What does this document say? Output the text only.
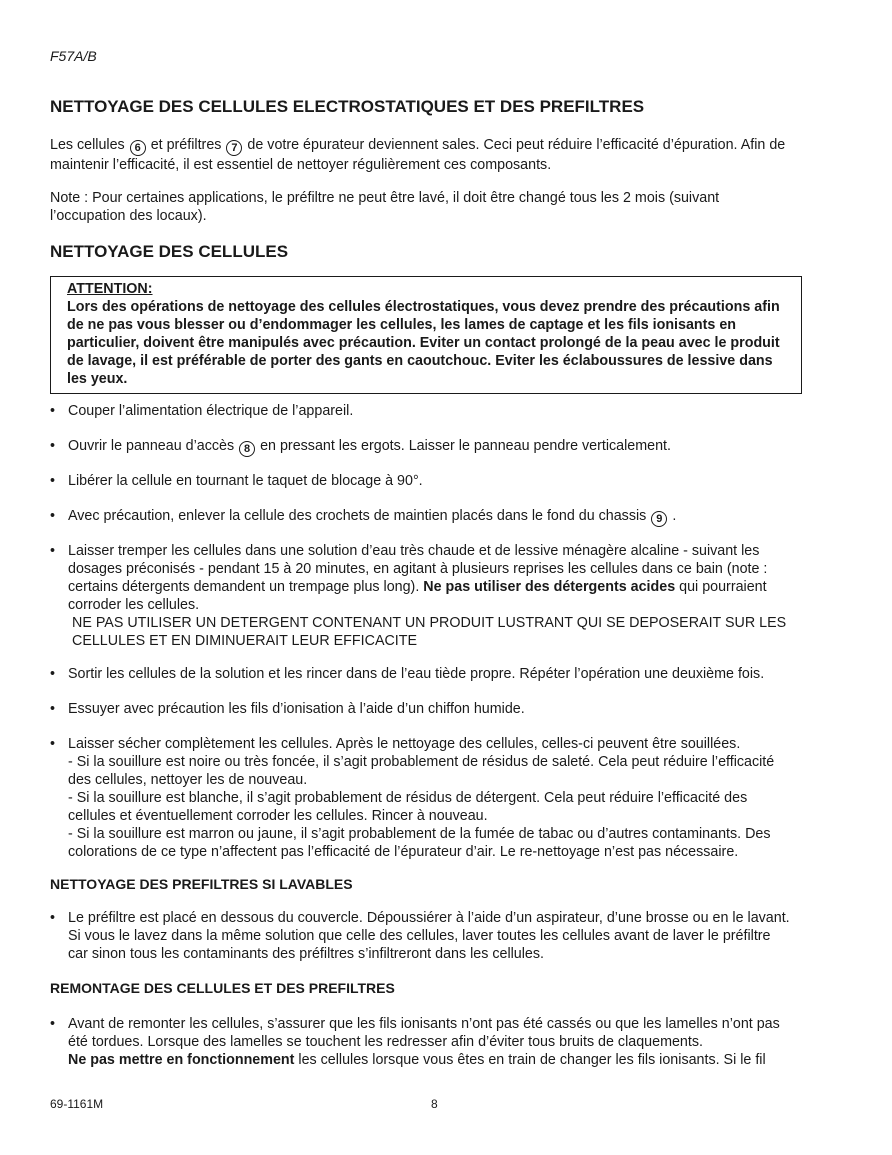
F57A/B
NETTOYAGE DES CELLULES ELECTROSTATIQUES ET DES PREFILTRES

Les cellules 6 et préfiltres 7 de votre épurateur deviennent sales. Ceci peut réduire l’efficacité d’épuration. Afin de maintenir l’efficacité, il est essentiel de nettoyer régulièrement ces composants.

Note : Pour certaines applications, le préfiltre ne peut être lavé, il doit être changé tous les 2 mois (suivant l’occupation des locaux).

NETTOYAGE DES CELLULES
ATTENTION:
Lors des opérations de nettoyage des cellules électrostatiques, vous devez prendre des précautions afin de ne pas vous blesser ou d’endommager les cellules, les lames de captage et les fils ionisants en particulier, doivent être manipulés avec précaution. Eviter un contact prolongé de la peau avec le produit de lavage, il est préférable de porter des gants en caoutchouc. Eviter les éclaboussures de lessive dans les yeux.
• Couper l’alimentation électrique de l’appareil.
• Ouvrir le panneau d’accès 8 en pressant les ergots. Laisser le panneau pendre verticalement.
• Libérer la cellule en tournant le taquet de blocage à 90°.
• Avec précaution, enlever la cellule des crochets de maintien placés dans le fond du chassis 9 .
• Laisser tremper les cellules dans une solution d’eau très chaude et de lessive ménagère alcaline - suivant les dosages préconisés - pendant 15 à 20 minutes, en agitant à plusieurs reprises les cellules dans ce bain (note : certains détergents demandent un trempage plus long). Ne pas utiliser des détergents acides qui pourraient corroder les cellules.
NE PAS UTILISER UN DETERGENT CONTENANT UN PRODUIT LUSTRANT QUI SE DEPOSERAIT SUR LES CELLULES ET EN DIMINUERAIT LEUR EFFICACITE
• Sortir les cellules de la solution et les rincer dans de l’eau tiède propre. Répéter l’opération une deuxième fois.
• Essuyer avec précaution les fils d’ionisation à l’aide d’un chiffon humide.
• Laisser sécher complètement les cellules. Après le nettoyage des cellules, celles-ci peuvent être souillées.
- Si la souillure est noire ou très foncée, il s’agit probablement de résidus de saleté. Cela peut réduire l’efficacité des cellules, nettoyer les de nouveau.
- Si la souillure est blanche, il s’agit probablement de résidus de détergent. Cela peut réduire l’efficacité des cellules et éventuellement corroder les cellules. Rincer à nouveau.
- Si la souillure est marron ou jaune, il s’agit probablement de la fumée de tabac ou d’autres contaminants. Des colorations de ce type n’affectent pas l’efficacité de l’épurateur d’air. Le re-nettoyage n’est pas nécessaire.
NETTOYAGE DES PREFILTRES SI LAVABLES
• Le préfiltre est placé en dessous du couvercle. Dépoussiérer à l’aide d’un aspirateur, d’une brosse ou en le lavant. Si vous le lavez dans la même solution que celle des cellules, laver toutes les cellules avant de laver le préfiltre car sinon tous les contaminants des préfiltres s’infiltreront dans les cellules.
REMONTAGE DES CELLULES ET DES PREFILTRES
• Avant de remonter les cellules, s’assurer que les fils ionisants n’ont pas été cassés ou que les lamelles n’ont pas été tordues. Lorsque des lamelles se touchent les redresser afin d’éviter tous bruits de claquements.
Ne pas mettre en fonctionnement les cellules lorsque vous êtes en train de changer les fils ionisants. Si le fil
69-1161M	8
